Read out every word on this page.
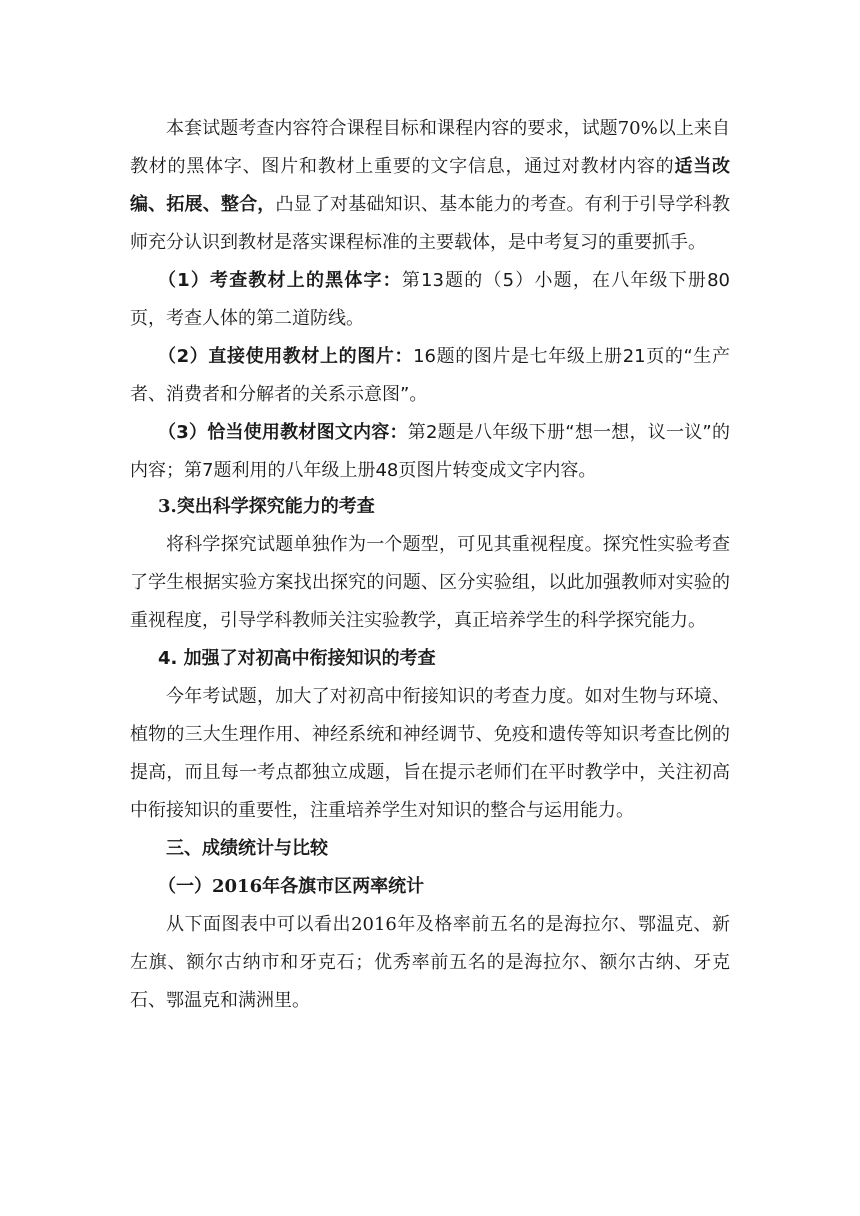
本套试题考查内容符合课程目标和课程内容的要求，试题70%以上来自教材的黑体字、图片和教材上重要的文字信息，通过对教材内容的适当改编、拓展、整合，凸显了对基础知识、基本能力的考查。有利于引导学科教师充分认识到教材是落实课程标准的主要载体，是中考复习的重要抓手。
（1）考查教材上的黑体字：第13题的（5）小题，在八年级下册80页，考查人体的第二道防线。
（2）直接使用教材上的图片：16题的图片是七年级上册21页的“生产者、消费者和分解者的关系示意图”。
（3）恰当使用教材图文内容：第2题是八年级下册“想一想，议一议”的内容；第7题利用的八年级上册48页图片转变成文字内容。
3.突出科学探究能力的考查
将科学探究试题单独作为一个题型，可见其重视程度。探究性实验考查了学生根据实验方案找出探究的问题、区分实验组，以此加强教师对实验的重视程度，引导学科教师关注实验教学，真正培养学生的科学探究能力。
4. 加强了对初高中衔接知识的考查
今年考试题，加大了对初高中衔接知识的考查力度。如对生物与环境、植物的三大生理作用、神经系统和神经调节、免疫和遗传等知识考查比例的提高，而且每一考点都独立成题，旨在提示老师们在平时教学中，关注初高中衔接知识的重要性，注重培养学生对知识的整合与运用能力。
三、成绩统计与比较
（一）2016年各旗市区两率统计
从下面图表中可以看出2016年及格率前五名的是海拉尔、鄂温克、新左旗、额尔古纳市和牙克石；优秀率前五名的是海拉尔、额尔古纳、牙克石、鄂温克和满洲里。
